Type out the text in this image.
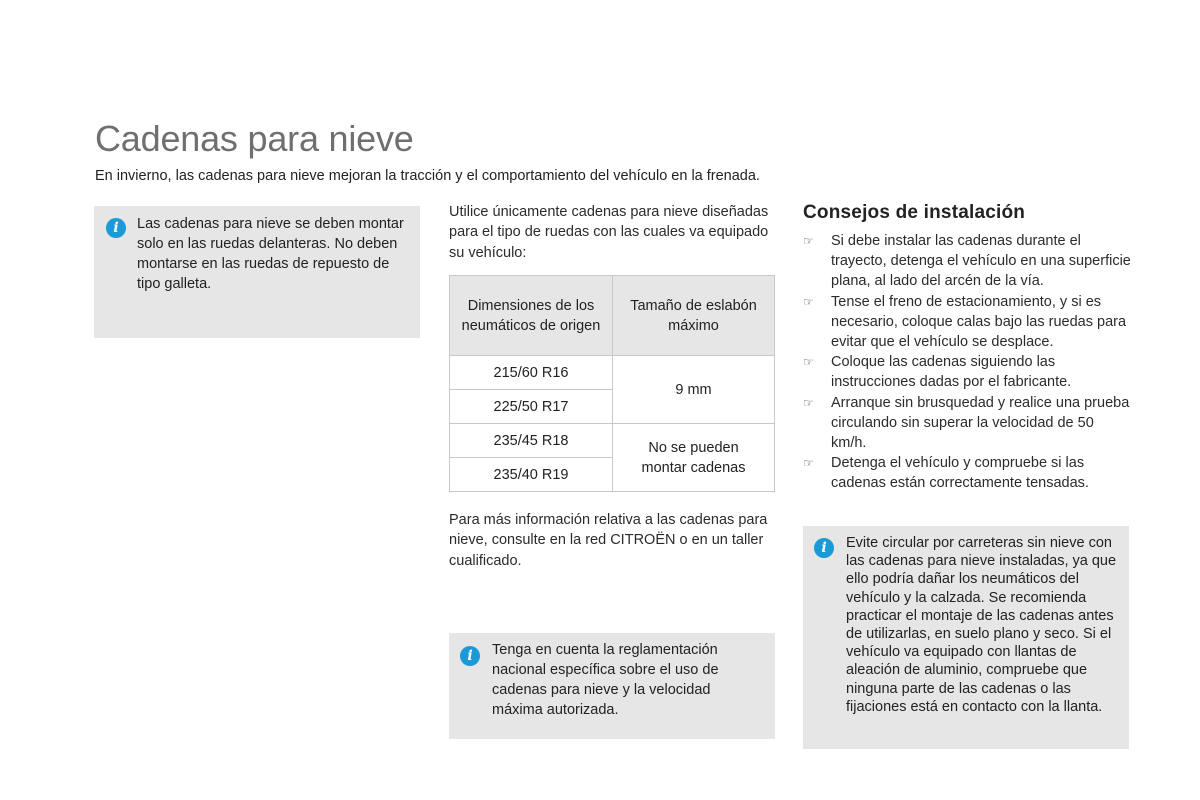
Cadenas para nieve
En invierno, las cadenas para nieve mejoran la tracción y el comportamiento del vehículo en la frenada.
i	Las cadenas para nieve se deben montar solo en las ruedas delanteras. No deben montarse en las ruedas de repuesto de tipo galleta.
Utilice únicamente cadenas para nieve diseñadas para el tipo de ruedas con las cuales va equipado su vehículo:
Dimensiones de los neumáticos de origen	Tamaño de eslabón máximo
215/60 R16	9 mm
225/50 R17	
235/45 R18	No se pueden montar cadenas
235/40 R19	
Para más información relativa a las cadenas para nieve, consulte en la red CITROËN o en un taller cualificado.
i	Tenga en cuenta la reglamentación nacional específica sobre el uso de cadenas para nieve y la velocidad máxima autorizada.
Consejos de instalación
☞ Si debe instalar las cadenas durante el trayecto, detenga el vehículo en una superficie plana, al lado del arcén de la vía.
☞ Tense el freno de estacionamiento, y si es necesario, coloque calas bajo las ruedas para evitar que el vehículo se desplace.
☞ Coloque las cadenas siguiendo las instrucciones dadas por el fabricante.
☞ Arranque sin brusquedad y realice una prueba circulando sin superar la velocidad de 50 km/h.
☞ Detenga el vehículo y compruebe si las cadenas están correctamente tensadas.
i	Evite circular por carreteras sin nieve con las cadenas para nieve instaladas, ya que ello podría dañar los neumáticos del vehículo y la calzada. Se recomienda practicar el montaje de las cadenas antes de utilizarlas, en suelo plano y seco. Si el vehículo va equipado con llantas de aleación de aluminio, compruebe que ninguna parte de las cadenas o las fijaciones está en contacto con la llanta.
